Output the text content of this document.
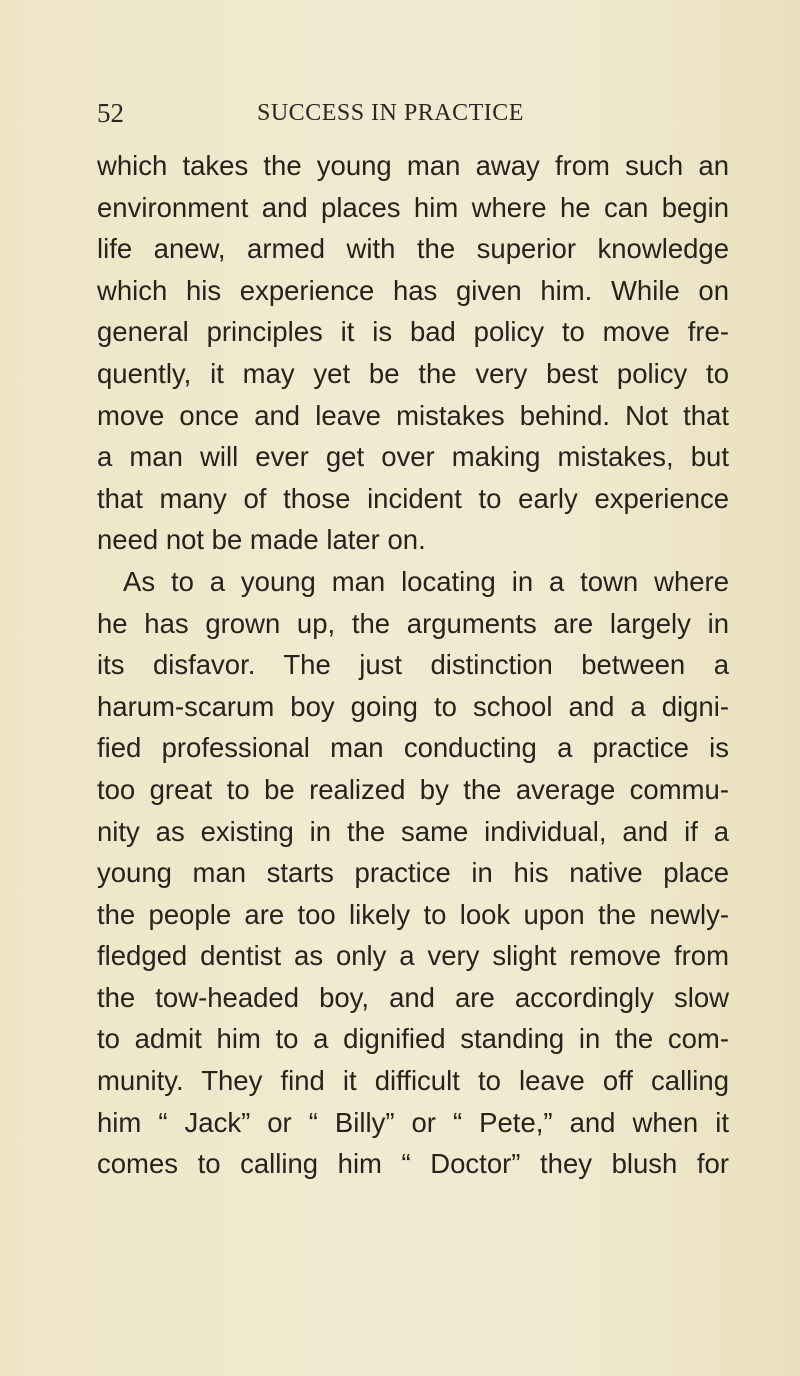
52	SUCCESS IN PRACTICE
which takes the young man away from such an
environment and places him where he can begin
life anew, armed with the superior knowledge
which his experience has given him. While on
general principles it is bad policy to move fre-
quently, it may yet be the very best policy to
move once and leave mistakes behind. Not that
a man will ever get over making mistakes, but
that many of those incident to early experience
need not be made later on.
As to a young man locating in a town where
he has grown up, the arguments are largely in
its disfavor. The just distinction between a
harum-scarum boy going to school and a digni-
fied professional man conducting a practice is
too great to be realized by the average commu-
nity as existing in the same individual, and if a
young man starts practice in his native place
the people are too likely to look upon the newly-
fledged dentist as only a very slight remove from
the tow-headed boy, and are accordingly slow
to admit him to a dignified standing in the com-
munity. They find it difficult to leave off calling
him “ Jack” or “ Billy” or “ Pete,” and when it
comes to calling him “ Doctor” they blush for
